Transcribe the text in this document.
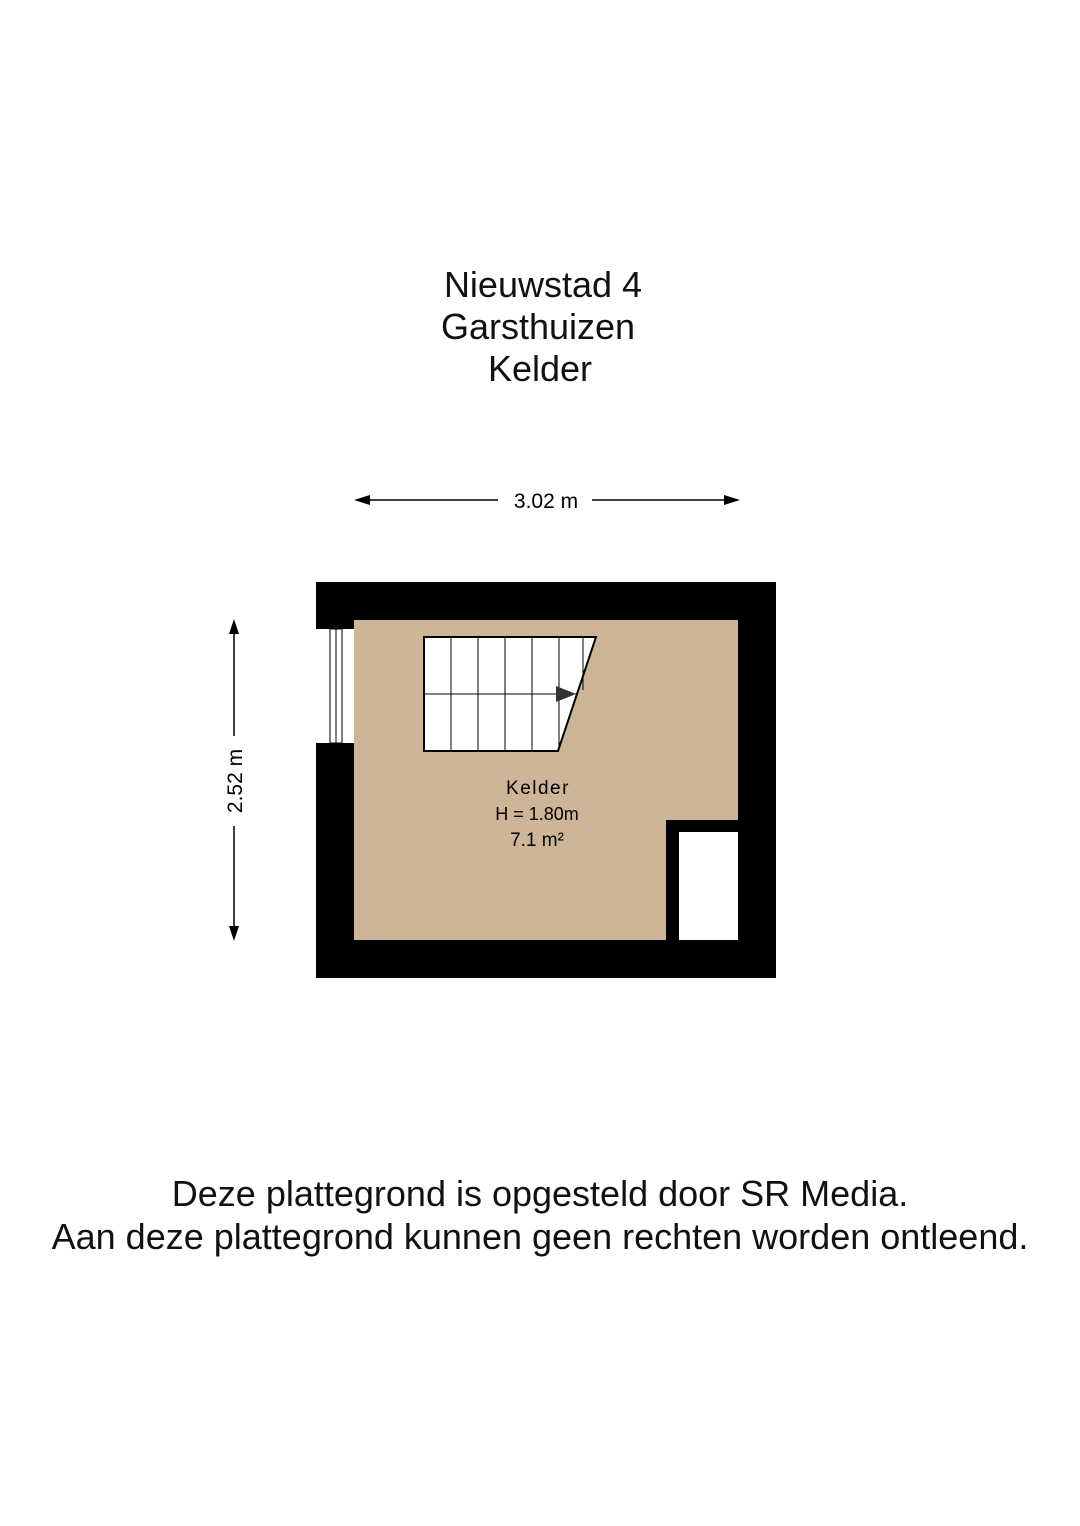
Nieuwstad 4
Garsthuizen
Kelder
3.02 m
2.52 m	Kelder
H = 1.80m
7.1 m²
Deze plattegrond is opgesteld door SR Media.
Aan deze plattegrond kunnen geen rechten worden ontleend.
